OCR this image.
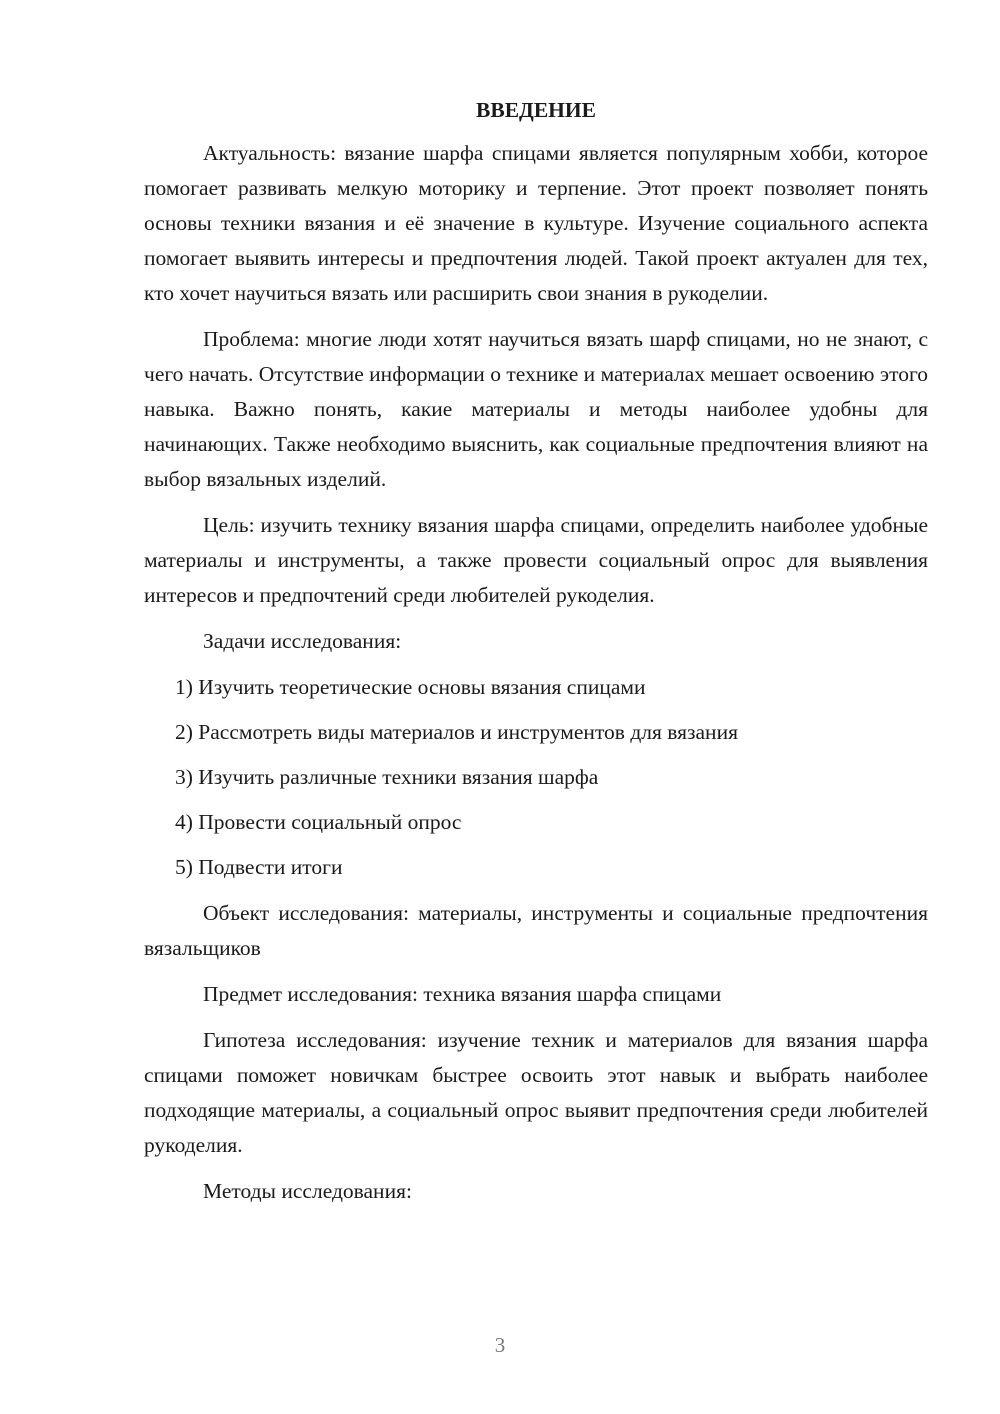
ВВЕДЕНИЕ

Актуальность: вязание шарфа спицами является популярным хобби, которое помогает развивать мелкую моторику и терпение. Этот проект позволяет понять основы техники вязания и её значение в культуре. Изучение социального аспекта помогает выявить интересы и предпочтения людей. Такой проект актуален для тех, кто хочет научиться вязать или расширить свои знания в рукоделии.

Проблема: многие люди хотят научиться вязать шарф спицами, но не знают, с чего начать. Отсутствие информации о технике и материалах мешает освоению этого навыка. Важно понять, какие материалы и методы наиболее удобны для начинающих. Также необходимо выяснить, как социальные предпочтения влияют на выбор вязальных изделий.

Цель: изучить технику вязания шарфа спицами, определить наиболее удобные материалы и инструменты, а также провести социальный опрос для выявления интересов и предпочтений среди любителей рукоделия.

Задачи исследования:

1) Изучить теоретические основы вязания спицами
2) Рассмотреть виды материалов и инструментов для вязания
3) Изучить различные техники вязания шарфа
4) Провести социальный опрос
5) Подвести итоги

Объект исследования: материалы, инструменты и социальные предпочтения вязальщиков

Предмет исследования: техника вязания шарфа спицами

Гипотеза исследования: изучение техник и материалов для вязания шарфа спицами поможет новичкам быстрее освоить этот навык и выбрать наиболее подходящие материалы, а социальный опрос выявит предпочтения среди любителей рукоделия.

Методы исследования:

3
